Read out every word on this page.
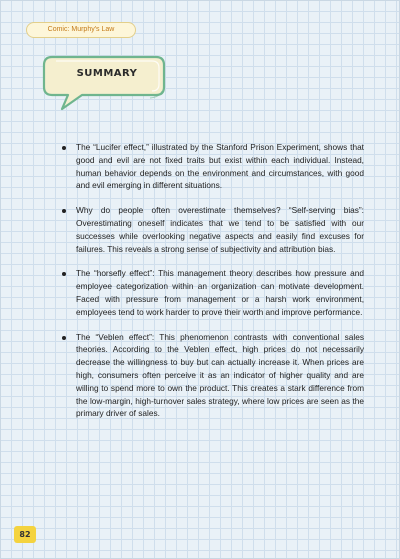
Comic: Murphy's Law
SUMMARY
The “Lucifer effect,” illustrated by the Stanford Prison Experiment, shows that good and evil are not fixed traits but exist within each individual. Instead, human behavior depends on the environment and circumstances, with good and evil emerging in different situations.
Why do people often overestimate themselves? “Self-serving bias”: Overestimating oneself indicates that we tend to be satisfied with our successes while overlooking negative aspects and easily find excuses for failures. This reveals a strong sense of subjectivity and attribution bias.
The “horsefly effect”: This management theory describes how pressure and employee categorization within an organization can motivate development. Faced with pressure from management or a harsh work environment, employees tend to work harder to prove their worth and improve performance.
The “Veblen effect”: This phenomenon contrasts with conventional sales theories. According to the Veblen effect, high prices do not necessarily decrease the willingness to buy but can actually increase it. When prices are high, consumers often perceive it as an indicator of higher quality and are willing to spend more to own the product. This creates a stark difference from the low-margin, high-turnover sales strategy, where low prices are seen as the primary driver of sales.
82
